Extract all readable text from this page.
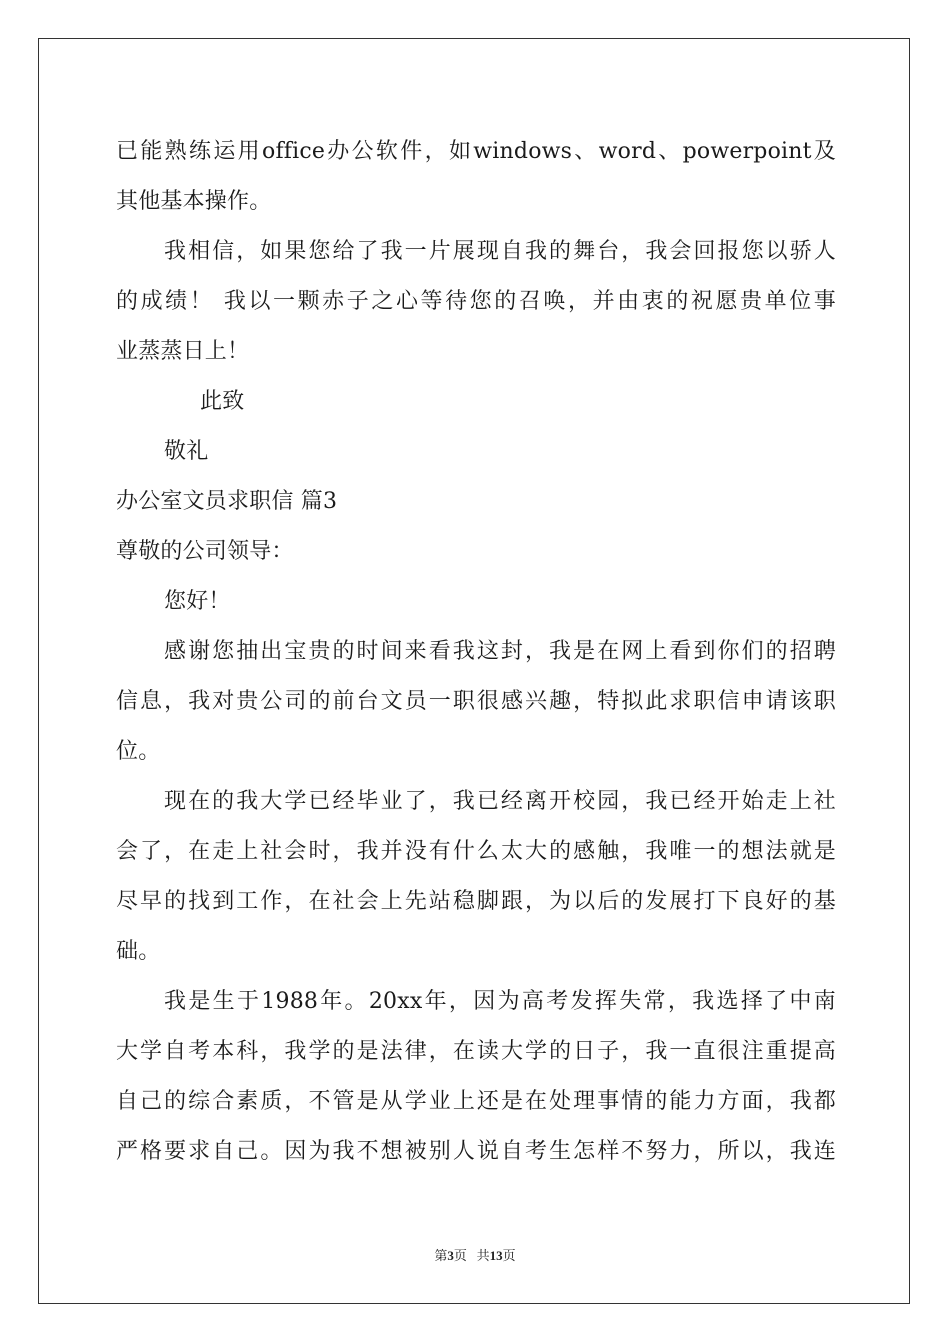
已能熟练运用office办公软件，如windows、word、powerpoint及
其他基本操作。
我相信，如果您给了我一片展现自我的舞台，我会回报您以骄人
的成绩！ 我以一颗赤子之心等待您的召唤，并由衷的祝愿贵单位事
业蒸蒸日上！
此致
敬礼
办公室文员求职信 篇3
尊敬的公司领导：
您好！
感谢您抽出宝贵的时间来看我这封，我是在网上看到你们的招聘
信息，我对贵公司的前台文员一职很感兴趣，特拟此求职信申请该职
位。
现在的我大学已经毕业了，我已经离开校园，我已经开始走上社
会了，在走上社会时，我并没有什么太大的感触，我唯一的想法就是
尽早的找到工作，在社会上先站稳脚跟，为以后的发展打下良好的基
础。
我是生于1988年。20xx年，因为高考发挥失常，我选择了中南
大学自考本科，我学的是法律，在读大学的日子，我一直很注重提高
自己的综合素质，不管是从学业上还是在处理事情的能力方面，我都
严格要求自己。因为我不想被别人说自考生怎样不努力，所以，我连
第3页 共13页
